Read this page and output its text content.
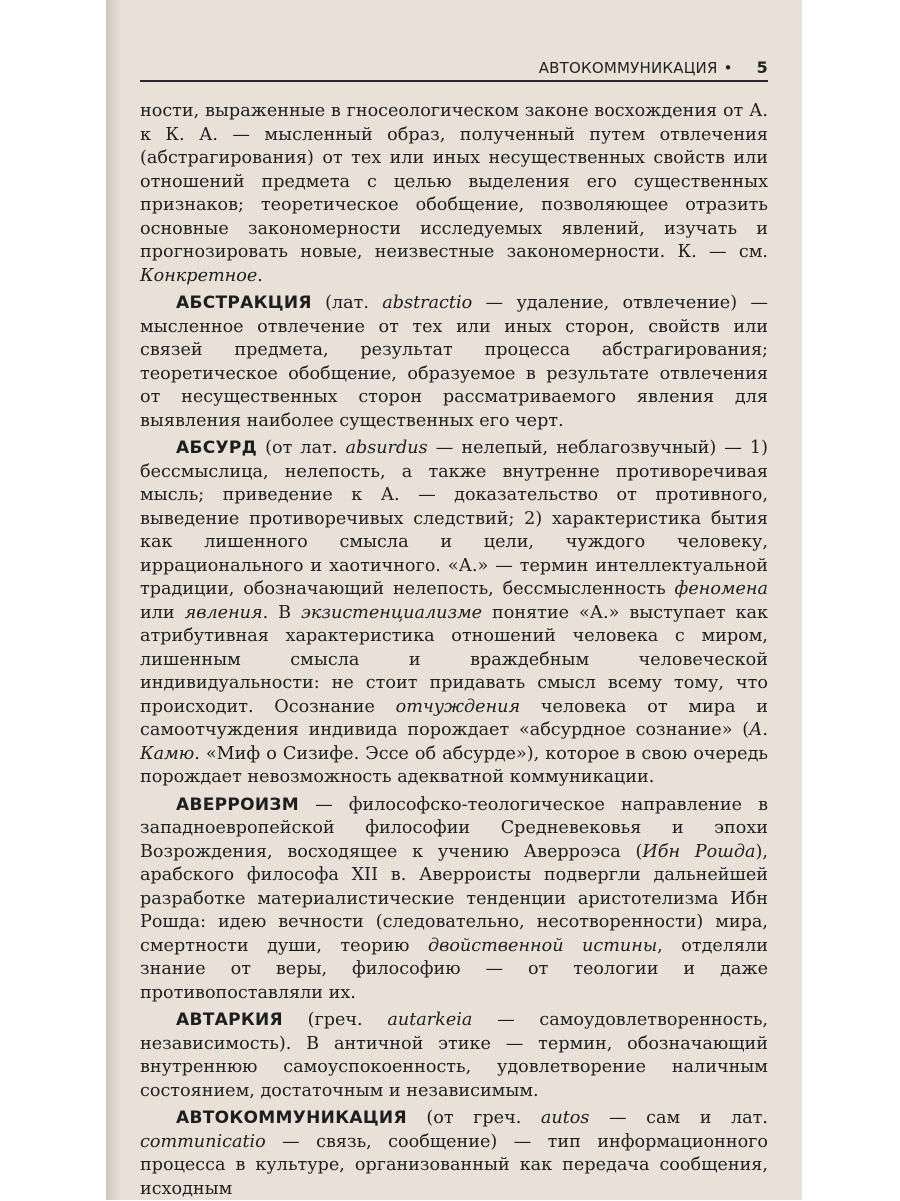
АВТОКОММУНИКАЦИЯ • 5

ности, выраженные в гносеологическом законе восхождения от А. к К. А. — мысленный образ, полученный путем отвлечения (абстрагирования) от тех или иных несущественных свойств или отношений предмета с целью выделения его существенных признаков; теоретическое обобщение, позволяющее отразить основные закономерности исследуемых явлений, изучать и прогнозировать новые, неизвестные закономерности. К. — см. Конкретное.

АБСТРАКЦИЯ (лат. abstractio — удаление, отвлечение) — мысленное отвлечение от тех или иных сторон, свойств или связей предмета, результат процесса абстрагирования; теоретическое обобщение, образуемое в результате отвлечения от несущественных сторон рассматриваемого явления для выявления наиболее существенных его черт.

АБСУРД (от лат. absurdus — нелепый, неблагозвучный) — 1) бессмыслица, нелепость, а также внутренне противоречивая мысль; приведение к А. — доказательство от противного, выведение противоречивых следствий; 2) характеристика бытия как лишенного смысла и цели, чуждого человеку, иррационального и хаотичного. «А.» — термин интеллектуальной традиции, обозначающий нелепость, бессмысленность феномена или явления. В экзистенциализме понятие «А.» выступает как атрибутивная характеристика отношений человека с миром, лишенным смысла и враждебным человеческой индивидуальности: не стоит придавать смысл всему тому, что происходит. Осознание отчуждения человека от мира и самоотчуждения индивида порождает «абсурдное сознание» (А. Камю. «Миф о Сизифе. Эссе об абсурде»), которое в свою очередь порождает невозможность адекватной коммуникации.

АВЕРРОИЗМ — философско-теологическое направление в западноевропейской философии Средневековья и эпохи Возрождения, восходящее к учению Аверроэса (Ибн Рошда), арабского философа XII в. Аверроисты подвергли дальнейшей разработке материалистические тенденции аристотелизма Ибн Рошда: идею вечности (следовательно, несотворенности) мира, смертности души, теорию двойственной истины, отделяли знание от веры, философию — от теологии и даже противопоставляли их.

АВТАРКИЯ (греч. autarkeia — самоудовлетворенность, независимость). В античной этике — термин, обозначающий внутреннюю самоуспокоенность, удовлетворение наличным состоянием, достаточным и независимым.

АВТОКОММУНИКАЦИЯ (от греч. autos — сам и лат. communicatio — связь, сообщение) — тип информационного процесса в культуре, организованный как передача сообщения, исходным
